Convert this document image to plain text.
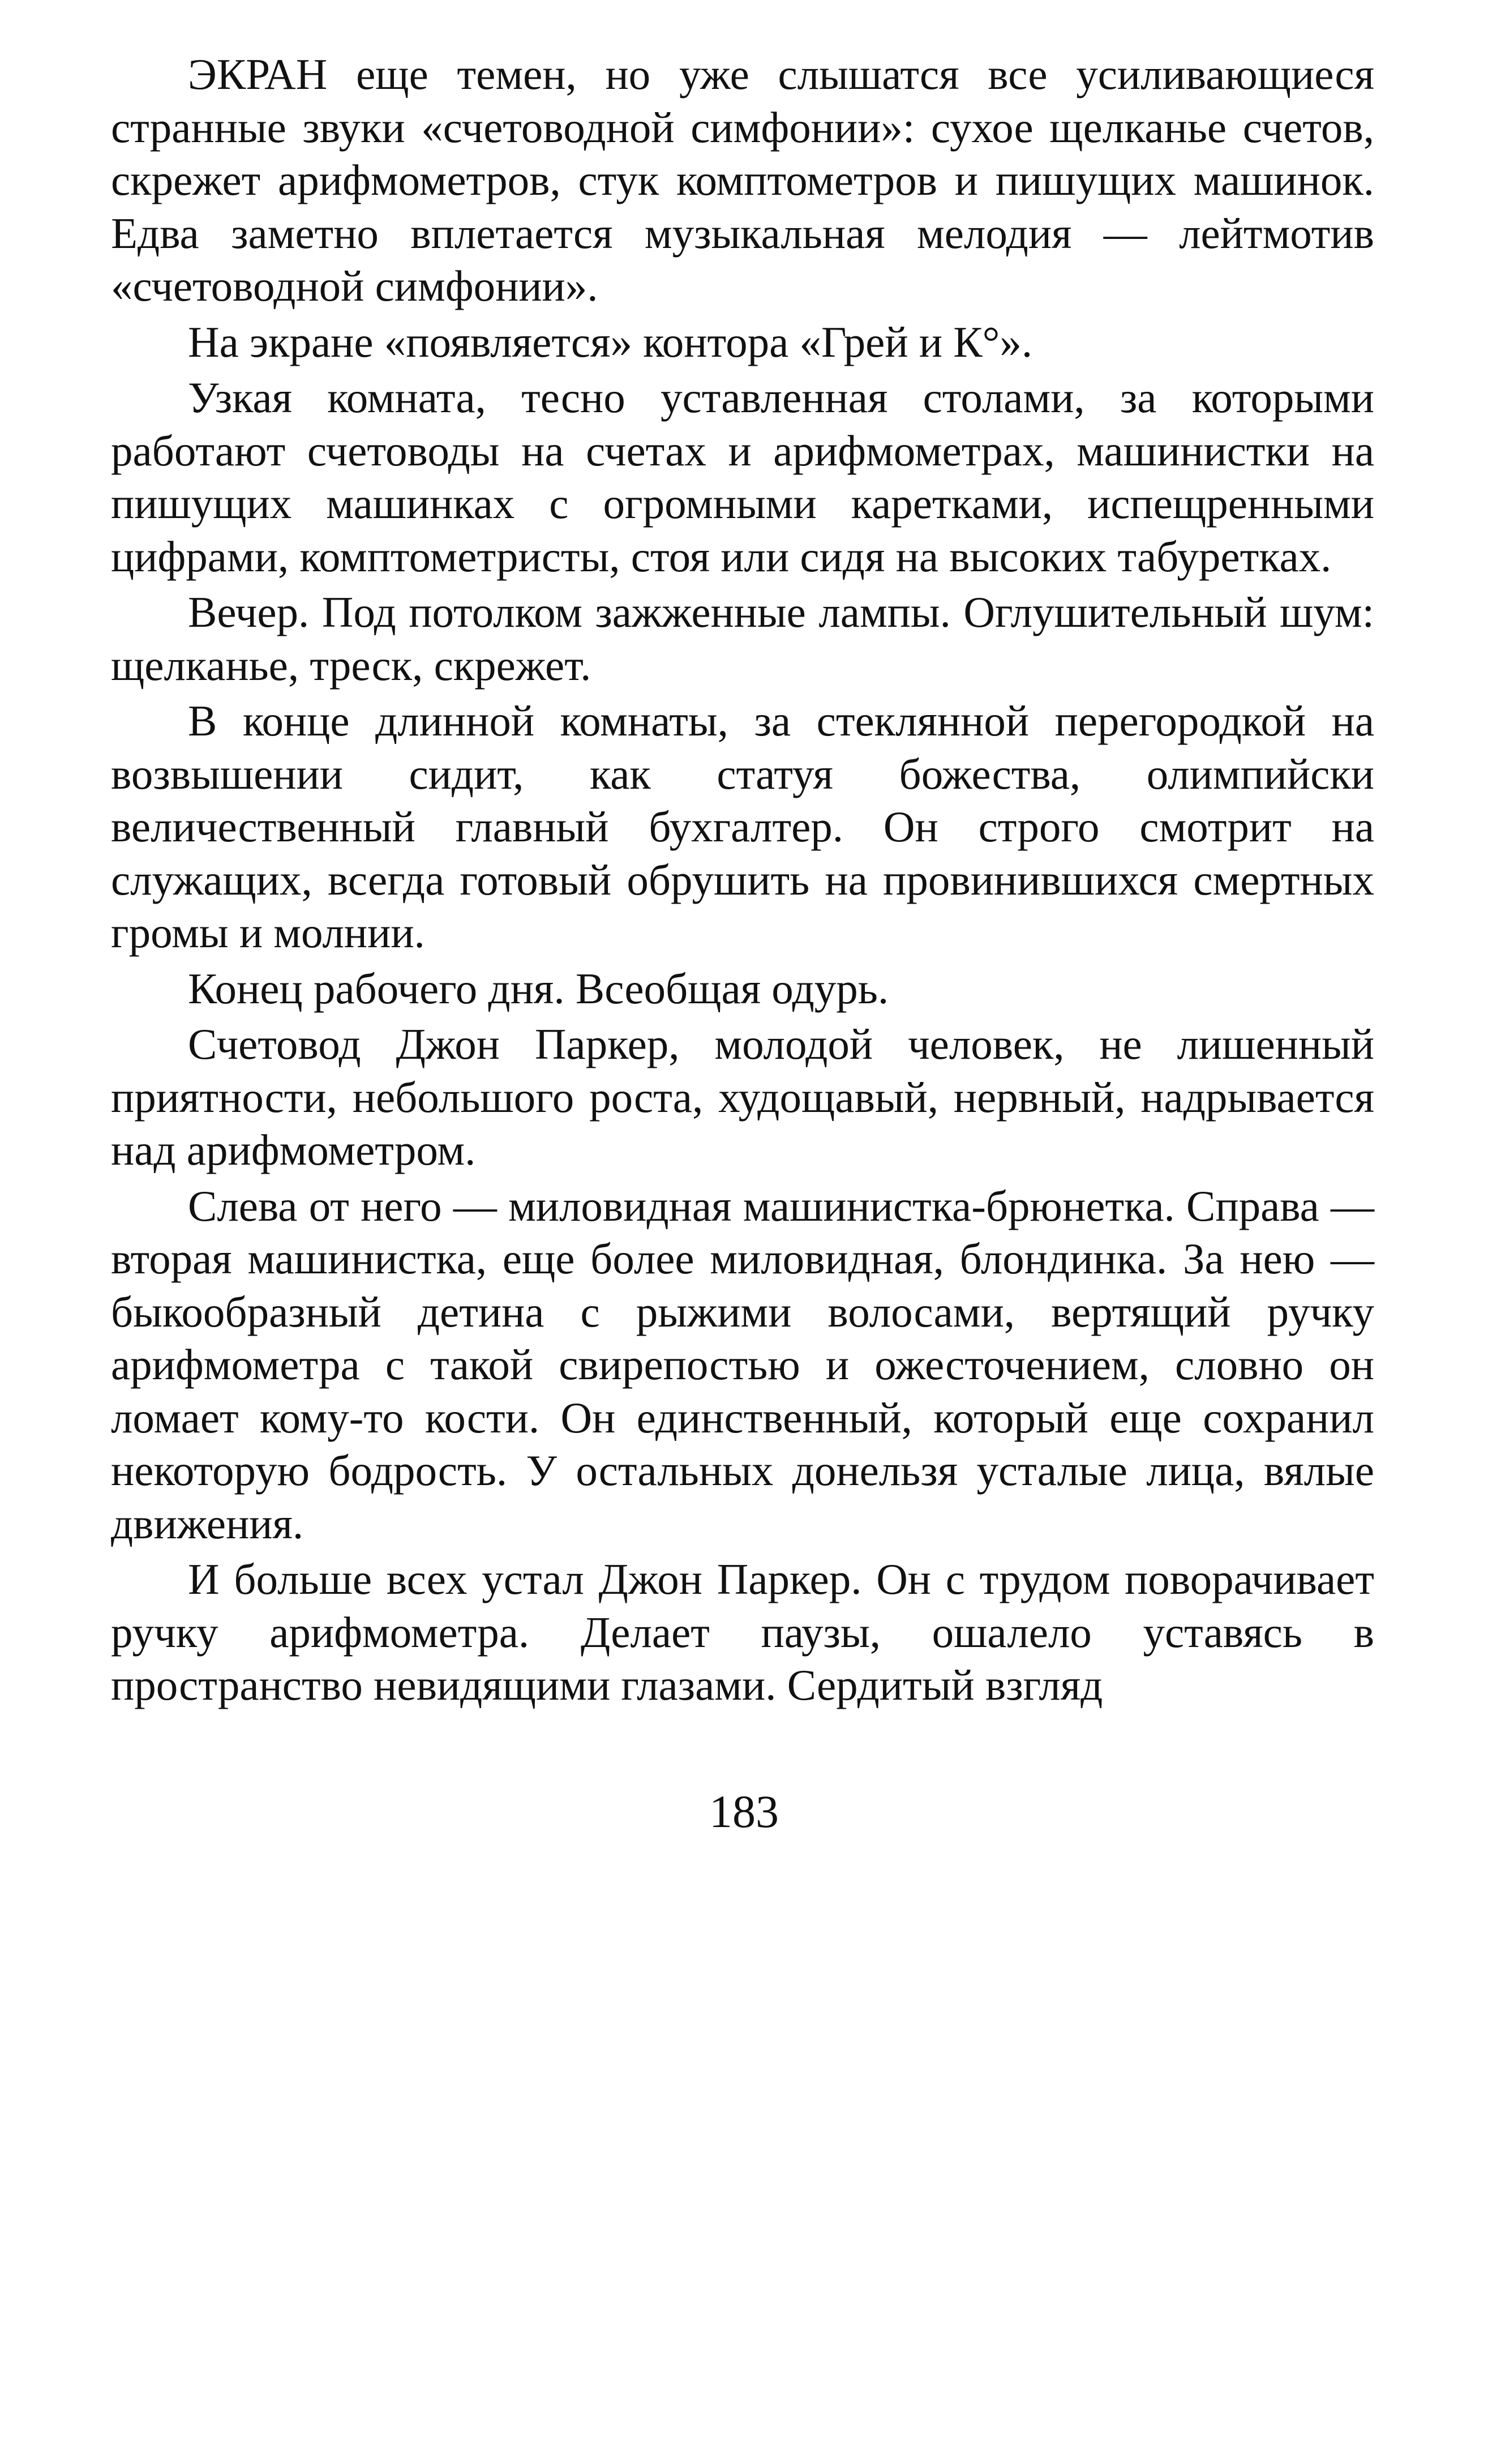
ЭКРАН еще темен, но уже слышатся все усиливающиеся странные звуки «счетоводной симфонии»: сухое щелканье счетов, скрежет арифмометров, стук комптометров и пишущих машинок. Едва заметно вплетается музыкальная мелодия — лейтмотив «счетоводной симфонии».

На экране «появляется» контора «Грей и К°».

Узкая комната, тесно уставленная столами, за которыми работают счетоводы на счетах и арифмометрах, машинистки на пишущих машинках с огромными каретками, испещренными цифрами, комптометристы, стоя или сидя на высоких табуретках.

Вечер. Под потолком зажженные лампы. Оглушительный шум: щелканье, треск, скрежет.

В конце длинной комнаты, за стеклянной перегородкой на возвышении сидит, как статуя божества, олимпийски величественный главный бухгалтер. Он строго смотрит на служащих, всегда готовый обрушить на провинившихся смертных громы и молнии.

Конец рабочего дня. Всеобщая одурь.

Счетовод Джон Паркер, молодой человек, не лишенный приятности, небольшого роста, худощавый, нервный, надрывается над арифмометром.

Слева от него — миловидная машинистка-брюнетка. Справа — вторая машинистка, еще более миловидная, блондинка. За нею — быкообразный детина с рыжими волосами, вертящий ручку арифмометра с такой свирепостью и ожесточением, словно он ломает кому-то кости. Он единственный, который еще сохранил некоторую бодрость. У остальных донельзя усталые лица, вялые движения.

И больше всех устал Джон Паркер. Он с трудом поворачивает ручку арифмометра. Делает паузы, ошалело уставясь в пространство невидящими глазами. Сердитый взгляд

183
